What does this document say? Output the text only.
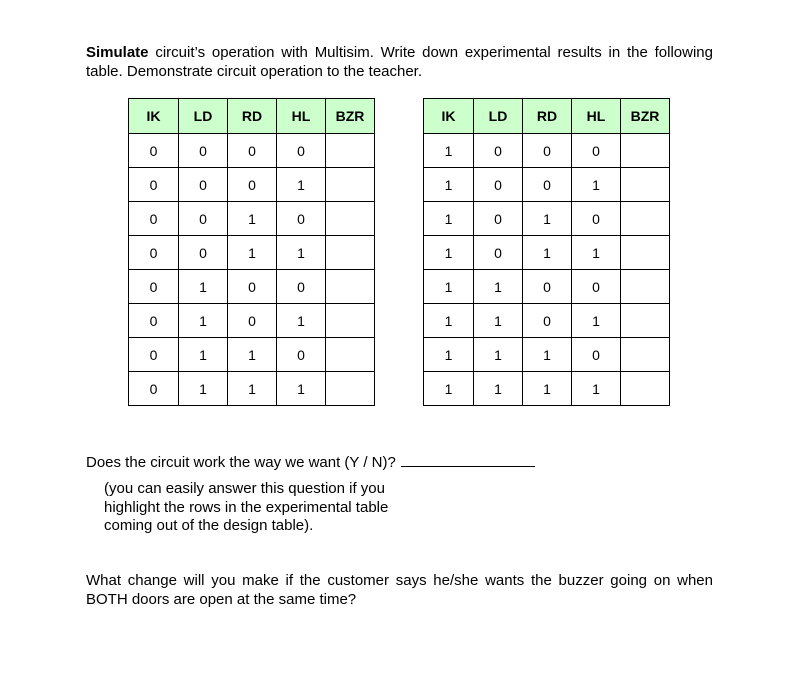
Simulate circuit’s operation with Multisim. Write down experimental results in the following table. Demonstrate circuit operation to the teacher.

IK	LD	RD	HL	BZR
0	0	0	0	
0	0	0	1	
0	0	1	0	
0	0	1	1	
0	1	0	0	
0	1	0	1	
0	1	1	0	
0	1	1	1	
IK	LD	RD	HL	BZR
1	0	0	0	
1	0	0	1	
1	0	1	0	
1	0	1	1	
1	1	0	0	
1	1	0	1	
1	1	1	0	
1	1	1	1	

Does the circuit work the way we want (Y / N)?

(you can easily answer this question if you
highlight the rows in the experimental table
coming out of the design table).

What change will you make if the customer says he/she wants the buzzer going on when BOTH doors are open at the same time?
